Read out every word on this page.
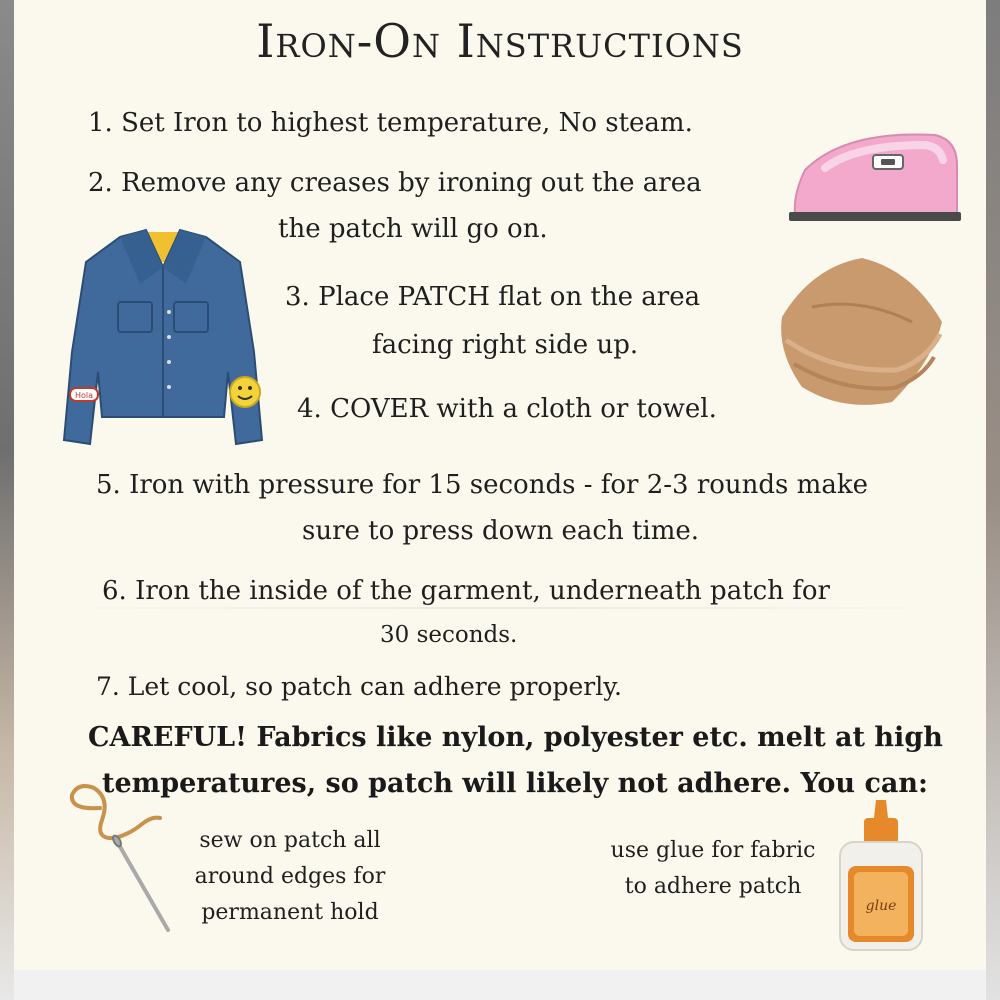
Iron-On Instructions
1. Set Iron to highest temperature, No steam.
2. Remove any creases by ironing out the area
the patch will go on.
3. Place PATCH flat on the area
facing right side up.
4. COVER with a cloth or towel.
5. Iron with pressure for 15 seconds - for 2-3 rounds make
sure to press down each time.
6. Iron the inside of the garment, underneath patch for
30 seconds.
7. Let cool, so patch can adhere properly.
CAREFUL! Fabrics like nylon, polyester etc. melt at high
temperatures, so patch will likely not adhere. You can:
sew on patch all around edges for permanent hold
use glue for fabric to adhere patch
Hola
glue
